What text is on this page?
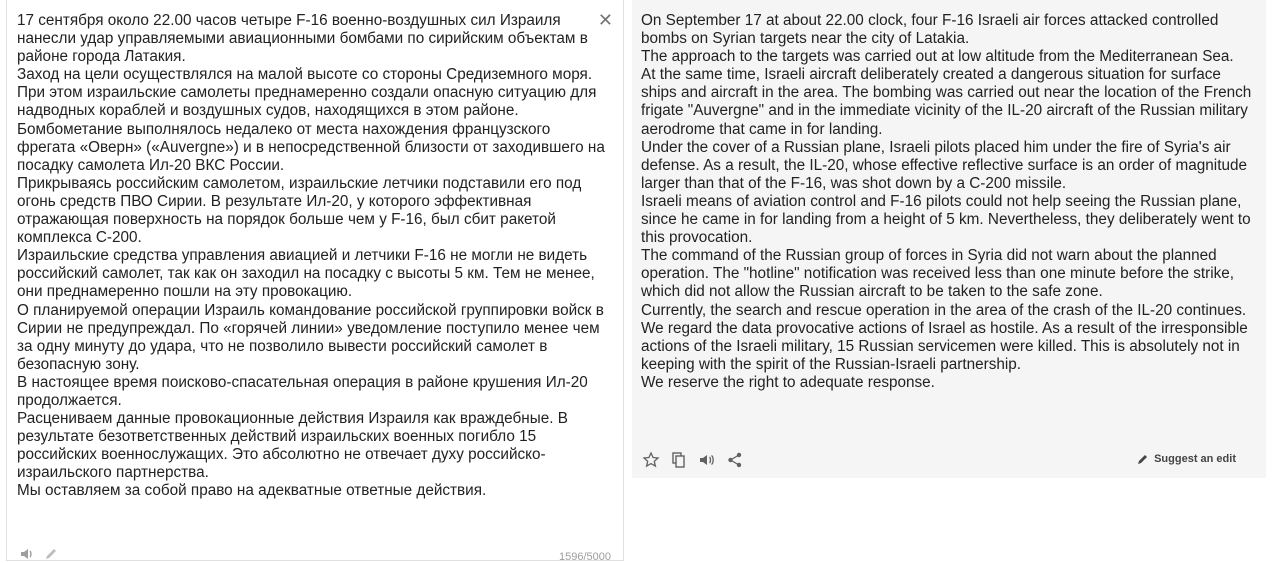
17 сентября около 22.00 часов четыре F-16 военно-воздушных сил Израиля нанесли удар управляемыми авиационными бомбами по сирийским объектам в районе города Латакия.

Заход на цели осуществлялся на малой высоте со стороны Средиземного моря.

При этом израильские самолеты преднамеренно создали опасную ситуацию для надводных кораблей и воздушных судов, находящихся в этом районе. Бомбометание выполнялось недалеко от места нахождения французского фрегата «Оверн» («Auvergne») и в непосредственной близости от заходившего на посадку самолета Ил-20 ВКС России.

Прикрываясь российским самолетом, израильские летчики подставили его под огонь средств ПВО Сирии. В результате Ил-20, у которого эффективная отражающая поверхность на порядок больше чем у F-16, был сбит ракетой комплекса С-200.

Израильские средства управления авиацией и летчики F-16 не могли не видеть российский самолет, так как он заходил на посадку с высоты 5 км. Тем не менее, они преднамеренно пошли на эту провокацию.

О планируемой операции Израиль командование российской группировки войск в Сирии не предупреждал. По «горячей линии» уведомление поступило менее чем за одну минуту до удара, что не позволило вывести российский самолет в безопасную зону.

В настоящее время поисково-спасательная операция в районе крушения Ил-20 продолжается.

Расцениваем данные провокационные действия Израиля как враждебные. В результате безответственных действий израильских военных погибло 15 российских военнослужащих. Это абсолютно не отвечает духу российско-израильского партнерства.

Мы оставляем за собой право на адекватные ответные действия.

✕
1596/5000

On September 17 at about 22.00 clock, four F-16 Israeli air forces attacked controlled bombs on Syrian targets near the city of Latakia.

The approach to the targets was carried out at low altitude from the Mediterranean Sea.

At the same time, Israeli aircraft deliberately created a dangerous situation for surface ships and aircraft in the area. The bombing was carried out near the location of the French frigate "Auvergne" and in the immediate vicinity of the IL-20 aircraft of the Russian military aerodrome that came in for landing.

Under the cover of a Russian plane, Israeli pilots placed him under the fire of Syria's air defense. As a result, the IL-20, whose effective reflective surface is an order of magnitude larger than that of the F-16, was shot down by a C-200 missile.

Israeli means of aviation control and F-16 pilots could not help seeing the Russian plane, since he came in for landing from a height of 5 km. Nevertheless, they deliberately went to this provocation.

The command of the Russian group of forces in Syria did not warn about the planned operation. The "hotline" notification was received less than one minute before the strike, which did not allow the Russian aircraft to be taken to the safe zone.

Currently, the search and rescue operation in the area of the crash of the IL-20 continues.

We regard the data provocative actions of Israel as hostile. As a result of the irresponsible actions of the Israeli military, 15 Russian servicemen were killed. This is absolutely not in keeping with the spirit of the Russian-Israeli partnership.

We reserve the right to adequate response.

Suggest an edit
